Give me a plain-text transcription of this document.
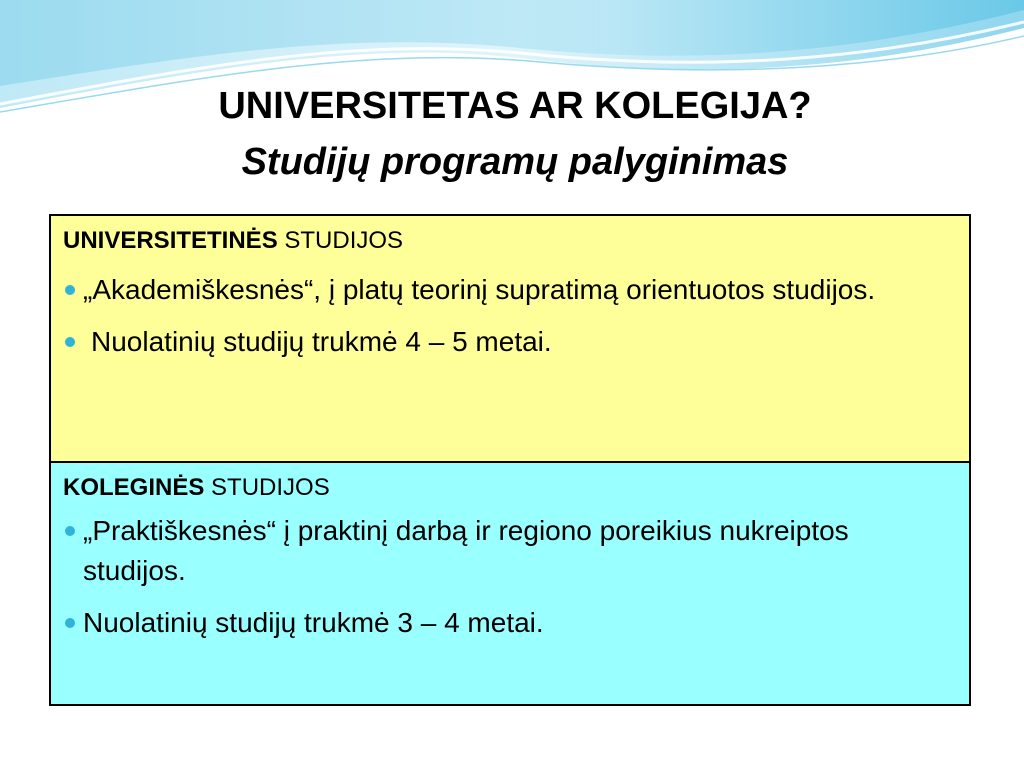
UNIVERSITETAS AR KOLEGIJA?
Studijų programų palyginimas
UNIVERSITETINĖS STUDIJOS
„Akademiškesnės“, į platų teorinį supratimą orientuotos studijos.
Nuolatinių studijų trukmė 4 – 5 metai.
KOLEGINĖS STUDIJOS
„Praktiškesnės“ į praktinį darbą ir regiono poreikius nukreiptos studijos.
Nuolatinių studijų trukmė 3 – 4 metai.
